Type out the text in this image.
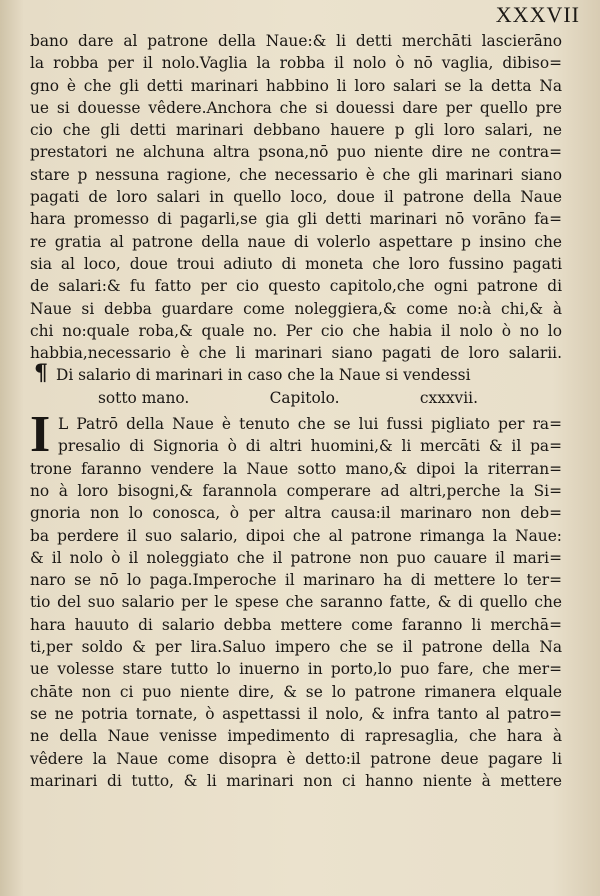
XXXVII
bano dare al patrone della Naue:& li detti merchāti lascierāno
la robba per il nolo.Vaglia la robba il nolo ò nō vaglia, dibiso=
gno è che gli detti marinari habbino li loro salari se la detta Na
ue si douesse vêdere.Anchora che si douessi dare per quello pre
cio che gli detti marinari debbano hauere p gli loro salari, ne
prestatori ne alchuna altra psona,nō puo niente dire ne contra=
stare p nessuna ragione, che necessario è che gli marinari siano
pagati de loro salari in quello loco, doue il patrone della Naue
hara promesso di pagarli,se gia gli detti marinari nō vorāno fa=
re gratia al patrone della naue di volerlo aspettare p insino che
sia al loco, doue troui adiuto di moneta che loro fussino pagati
de salari:& fu fatto per cio questo capitolo,che ogni patrone di
Naue si debba guardare come noleggiera,& come no:à chi,& à
chi no:quale roba,& quale no. Per cio che habia il nolo ò no lo
habbia,necessario è che li marinari siano pagati de loro salarii.
¶ Di salario di marinari in caso che la Naue si vendessi
sotto mano.	Capitolo.	cxxxvii.
I L Patrō della Naue è tenuto che se lui fussi pigliato per ra=
presalio di Signoria ò di altri huomini,& li mercāti & il pa=
trone faranno vendere la Naue sotto mano,& dipoi la riterran=
no à loro bisogni,& farannola comperare ad altri,perche la Si=
gnoria non lo conosca, ò per altra causa:il marinaro non deb=
ba perdere il suo salario, dipoi che al patrone rimanga la Naue:
& il nolo ò il noleggiato che il patrone non puo cauare il mari=
naro se nō lo paga.Imperoche il marinaro ha di mettere lo ter=
tio del suo salario per le spese che saranno fatte, & di quello che
hara hauuto di salario debba mettere come faranno li merchā=
ti,per soldo & per lira.Saluo impero che se il patrone della Na
ue volesse stare tutto lo inuerno in porto,lo puo fare, che mer=
chāte non ci puo niente dire, & se lo patrone rimanera elquale
se ne potria tornate, ò aspettassi il nolo, & infra tanto al patro=
ne della Naue venisse impedimento di rapresaglia, che hara à
vêdere la Naue come disopra è detto:il patrone deue pagare li
marinari di tutto, & li marinari non ci hanno niente à mettere
